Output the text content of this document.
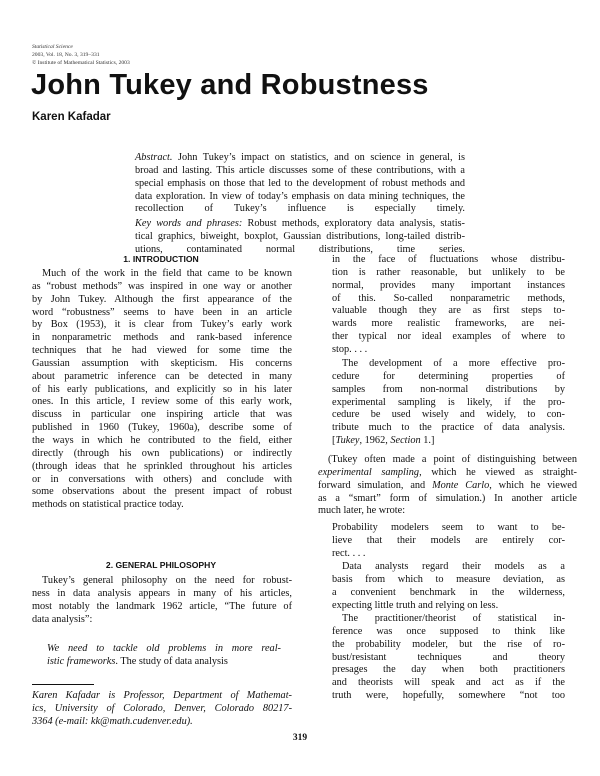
Statistical Science
2003, Vol. 18, No. 3, 319–331
© Institute of Mathematical Statistics, 2003
John Tukey and Robustness
Karen Kafadar
Abstract. John Tukey’s impact on statistics, and on science in general, is
broad and lasting. This article discusses some of these contributions, with a
special emphasis on those that led to the development of robust methods and
data exploration. In view of today’s emphasis on data mining techniques, the
recollection of Tukey’s influence is especially timely.
Key words and phrases: Robust methods, exploratory data analysis, statis-
tical graphics, biweight, boxplot, Gaussian distributions, long-tailed distrib-
utions, contaminated normal distributions, time series.
1. INTRODUCTION
Much of the work in the field that came to be known
as “robust methods” was inspired in one way or another
by John Tukey. Although the first appearance of the
word “robustness” seems to have been in an article
by Box (1953), it is clear from Tukey’s early work
in nonparametric methods and rank-based inference
techniques that he had viewed for some time the
Gaussian assumption with skepticism. His concerns
about parametric inference can be detected in many
of his early publications, and explicitly so in his later
ones. In this article, I review some of this early work,
discuss in particular one inspiring article that was
published in 1960 (Tukey, 1960a), describe some of
the ways in which he contributed to the field, either
directly (through his own publications) or indirectly
(through ideas that he sprinkled throughout his articles
or in conversations with others) and conclude with
some observations about the present impact of robust
methods on statistical practice today.
2. GENERAL PHILOSOPHY
Tukey’s general philosophy on the need for robust-
ness in data analysis appears in many of his articles,
most notably the landmark 1962 article, “The future of
data analysis”:
We need to tackle old problems in more real-
istic frameworks. The study of data analysis
Karen Kafadar is Professor, Department of Mathemat-
ics, University of Colorado, Denver, Colorado 80217-
3364 (e-mail: kk@math.cudenver.edu).
in the face of fluctuations whose distribu-
tion is rather reasonable, but unlikely to be
normal, provides many important instances
of this. So-called nonparametric methods,
valuable though they are as first steps to-
wards more realistic frameworks, are nei-
ther typical nor ideal examples of where to
stop. . . .
The development of a more effective pro-
cedure for determining properties of
samples from non-normal distributions by
experimental sampling is likely, if the pro-
cedure be used wisely and widely, to con-
tribute much to the practice of data analysis.
[Tukey, 1962, Section 1.]
(Tukey often made a point of distinguishing between
experimental sampling, which he viewed as straight-
forward simulation, and Monte Carlo, which he viewed
as a “smart” form of simulation.) In another article
much later, he wrote:
Probability modelers seem to want to be-
lieve that their models are entirely cor-
rect. . . .
Data analysts regard their models as a
basis from which to measure deviation, as
a convenient benchmark in the wilderness,
expecting little truth and relying on less.
The practitioner/theorist of statistical in-
ference was once supposed to think like
the probability modeler, but the rise of ro-
bust/resistant techniques and theory
presages the day when both practitioners
and theorists will speak and act as if the
truth were, hopefully, somewhere “not too
319
